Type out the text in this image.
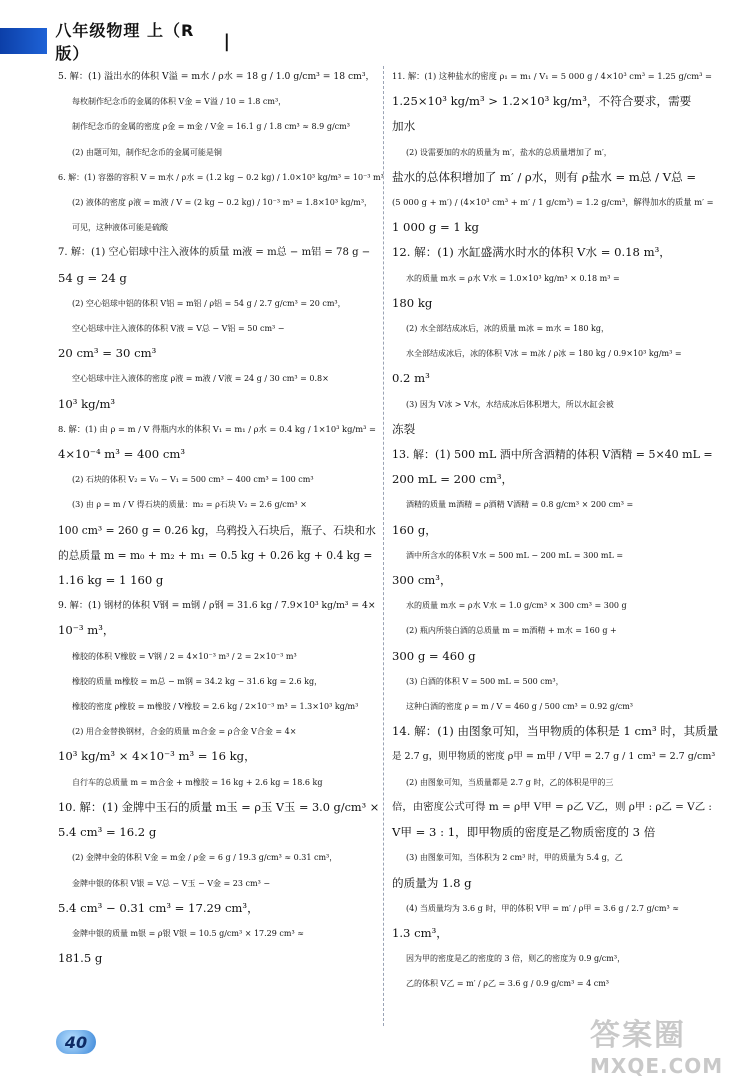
八年级物理 上（R版）
|
5. 解：(1) 溢出水的体积 V溢 = m水 / ρ水 = 18 g / 1.0 g/cm³ = 18 cm³，
每枚制作纪念币的金属的体积 V金 = V溢 / 10 = 1.8 cm³，
制作纪念币的金属的密度 ρ金 = m金 / V金 = 16.1 g / 1.8 cm³ ≈ 8.9 g/cm³
(2) 由题可知，制作纪念币的金属可能是铜
6. 解：(1) 容器的容积 V = m水 / ρ水 = (1.2 kg − 0.2 kg) / 1.0×10³ kg/m³ = 10⁻³ m³
(2) 液体的密度 ρ液 = m液 / V = (2 kg − 0.2 kg) / 10⁻³ m³ = 1.8×10³ kg/m³，
可见，这种液体可能是硫酸
7. 解：(1) 空心铝球中注入液体的质量 m液 = m总 − m铝 = 78 g −
54 g = 24 g
(2) 空心铝球中铝的体积 V铝 = m铝 / ρ铝 = 54 g / 2.7 g/cm³ = 20 cm³，
空心铝球中注入液体的体积 V液 = V总 − V铝 = 50 cm³ −
20 cm³ = 30 cm³
空心铝球中注入液体的密度 ρ液 = m液 / V液 = 24 g / 30 cm³ = 0.8×
10³ kg/m³
8. 解：(1) 由 ρ = m / V 得瓶内水的体积 V₁ = m₁ / ρ水 = 0.4 kg / 1×10³ kg/m³ =
4×10⁻⁴ m³ = 400 cm³
(2) 石块的体积 V₂ = V₀ − V₁ = 500 cm³ − 400 cm³ = 100 cm³
(3) 由 ρ = m / V 得石块的质量：m₂ = ρ石块 V₂ = 2.6 g/cm³ ×
100 cm³ = 260 g = 0.26 kg，乌鸦投入石块后，瓶子、石块和水
的总质量 m = m₀ + m₂ + m₁ = 0.5 kg + 0.26 kg + 0.4 kg =
1.16 kg = 1 160 g
9. 解：(1) 钢材的体积 V钢 = m钢 / ρ钢 = 31.6 kg / 7.9×10³ kg/m³ = 4×
10⁻³ m³，
橡胶的体积 V橡胶 = V钢 / 2 = 4×10⁻³ m³ / 2 = 2×10⁻³ m³
橡胶的质量 m橡胶 = m总 − m钢 = 34.2 kg − 31.6 kg = 2.6 kg，
橡胶的密度 ρ橡胶 = m橡胶 / V橡胶 = 2.6 kg / 2×10⁻³ m³ = 1.3×10³ kg/m³
(2) 用合金替换钢材，合金的质量 m合金 = ρ合金 V合金 = 4×
10³ kg/m³ × 4×10⁻³ m³ = 16 kg，
自行车的总质量 m = m合金 + m橡胶 = 16 kg + 2.6 kg = 18.6 kg
10. 解：(1) 金牌中玉石的质量 m玉 = ρ玉 V玉 = 3.0 g/cm³ ×
5.4 cm³ = 16.2 g
(2) 金牌中金的体积 V金 = m金 / ρ金 = 6 g / 19.3 g/cm³ ≈ 0.31 cm³，
金牌中银的体积 V银 = V总 − V玉 − V金 = 23 cm³ −
5.4 cm³ − 0.31 cm³ = 17.29 cm³，
金牌中银的质量 m银 = ρ银 V银 = 10.5 g/cm³ × 17.29 cm³ ≈
181.5 g
11. 解：(1) 这种盐水的密度 ρ₁ = m₁ / V₁ = 5 000 g / 4×10³ cm³ = 1.25 g/cm³ =
1.25×10³ kg/m³ > 1.2×10³ kg/m³，不符合要求，需要
加水
(2) 设需要加的水的质量为 m′，盐水的总质量增加了 m′，
盐水的总体积增加了 m′ / ρ水，则有 ρ盐水 = m总 / V总 =
(5 000 g + m′) / (4×10³ cm³ + m′ / 1 g/cm³) = 1.2 g/cm³，解得加水的质量 m′ =
1 000 g = 1 kg
12. 解：(1) 水缸盛满水时水的体积 V水 = 0.18 m³，
水的质量 m水 = ρ水 V水 = 1.0×10³ kg/m³ × 0.18 m³ =
180 kg
(2) 水全部结成冰后，冰的质量 m冰 = m水 = 180 kg，
水全部结成冰后，冰的体积 V冰 = m冰 / ρ冰 = 180 kg / 0.9×10³ kg/m³ =
0.2 m³
(3) 因为 V冰 > V水，水结成冰后体积增大，所以水缸会被
冻裂
13. 解：(1) 500 mL 酒中所含酒精的体积 V酒精 = 5×40 mL =
200 mL = 200 cm³，
酒精的质量 m酒精 = ρ酒精 V酒精 = 0.8 g/cm³ × 200 cm³ =
160 g，
酒中所含水的体积 V水 = 500 mL − 200 mL = 300 mL =
300 cm³，
水的质量 m水 = ρ水 V水 = 1.0 g/cm³ × 300 cm³ = 300 g
(2) 瓶内所装白酒的总质量 m = m酒精 + m水 = 160 g +
300 g = 460 g
(3) 白酒的体积 V = 500 mL = 500 cm³，
这种白酒的密度 ρ = m / V = 460 g / 500 cm³ = 0.92 g/cm³
14. 解：(1) 由图象可知，当甲物质的体积是 1 cm³ 时，其质量
是 2.7 g，则甲物质的密度 ρ甲 = m甲 / V甲 = 2.7 g / 1 cm³ = 2.7 g/cm³
(2) 由图象可知，当质量都是 2.7 g 时，乙的体积是甲的三
倍，由密度公式可得 m = ρ甲 V甲 = ρ乙 V乙，则 ρ甲 : ρ乙 = V乙 :
V甲 = 3 : 1，即甲物质的密度是乙物质密度的 3 倍
(3) 由图象可知，当体积为 2 cm³ 时，甲的质量为 5.4 g，乙
的质量为 1.8 g
(4) 当质量均为 3.6 g 时，甲的体积 V甲 = m′ / ρ甲 = 3.6 g / 2.7 g/cm³ ≈
1.3 cm³，
因为甲的密度是乙的密度的 3 倍，则乙的密度为 0.9 g/cm³，
乙的体积 V乙 = m′ / ρ乙 = 3.6 g / 0.9 g/cm³ = 4 cm³
40	答案圈
MXQE.COM
